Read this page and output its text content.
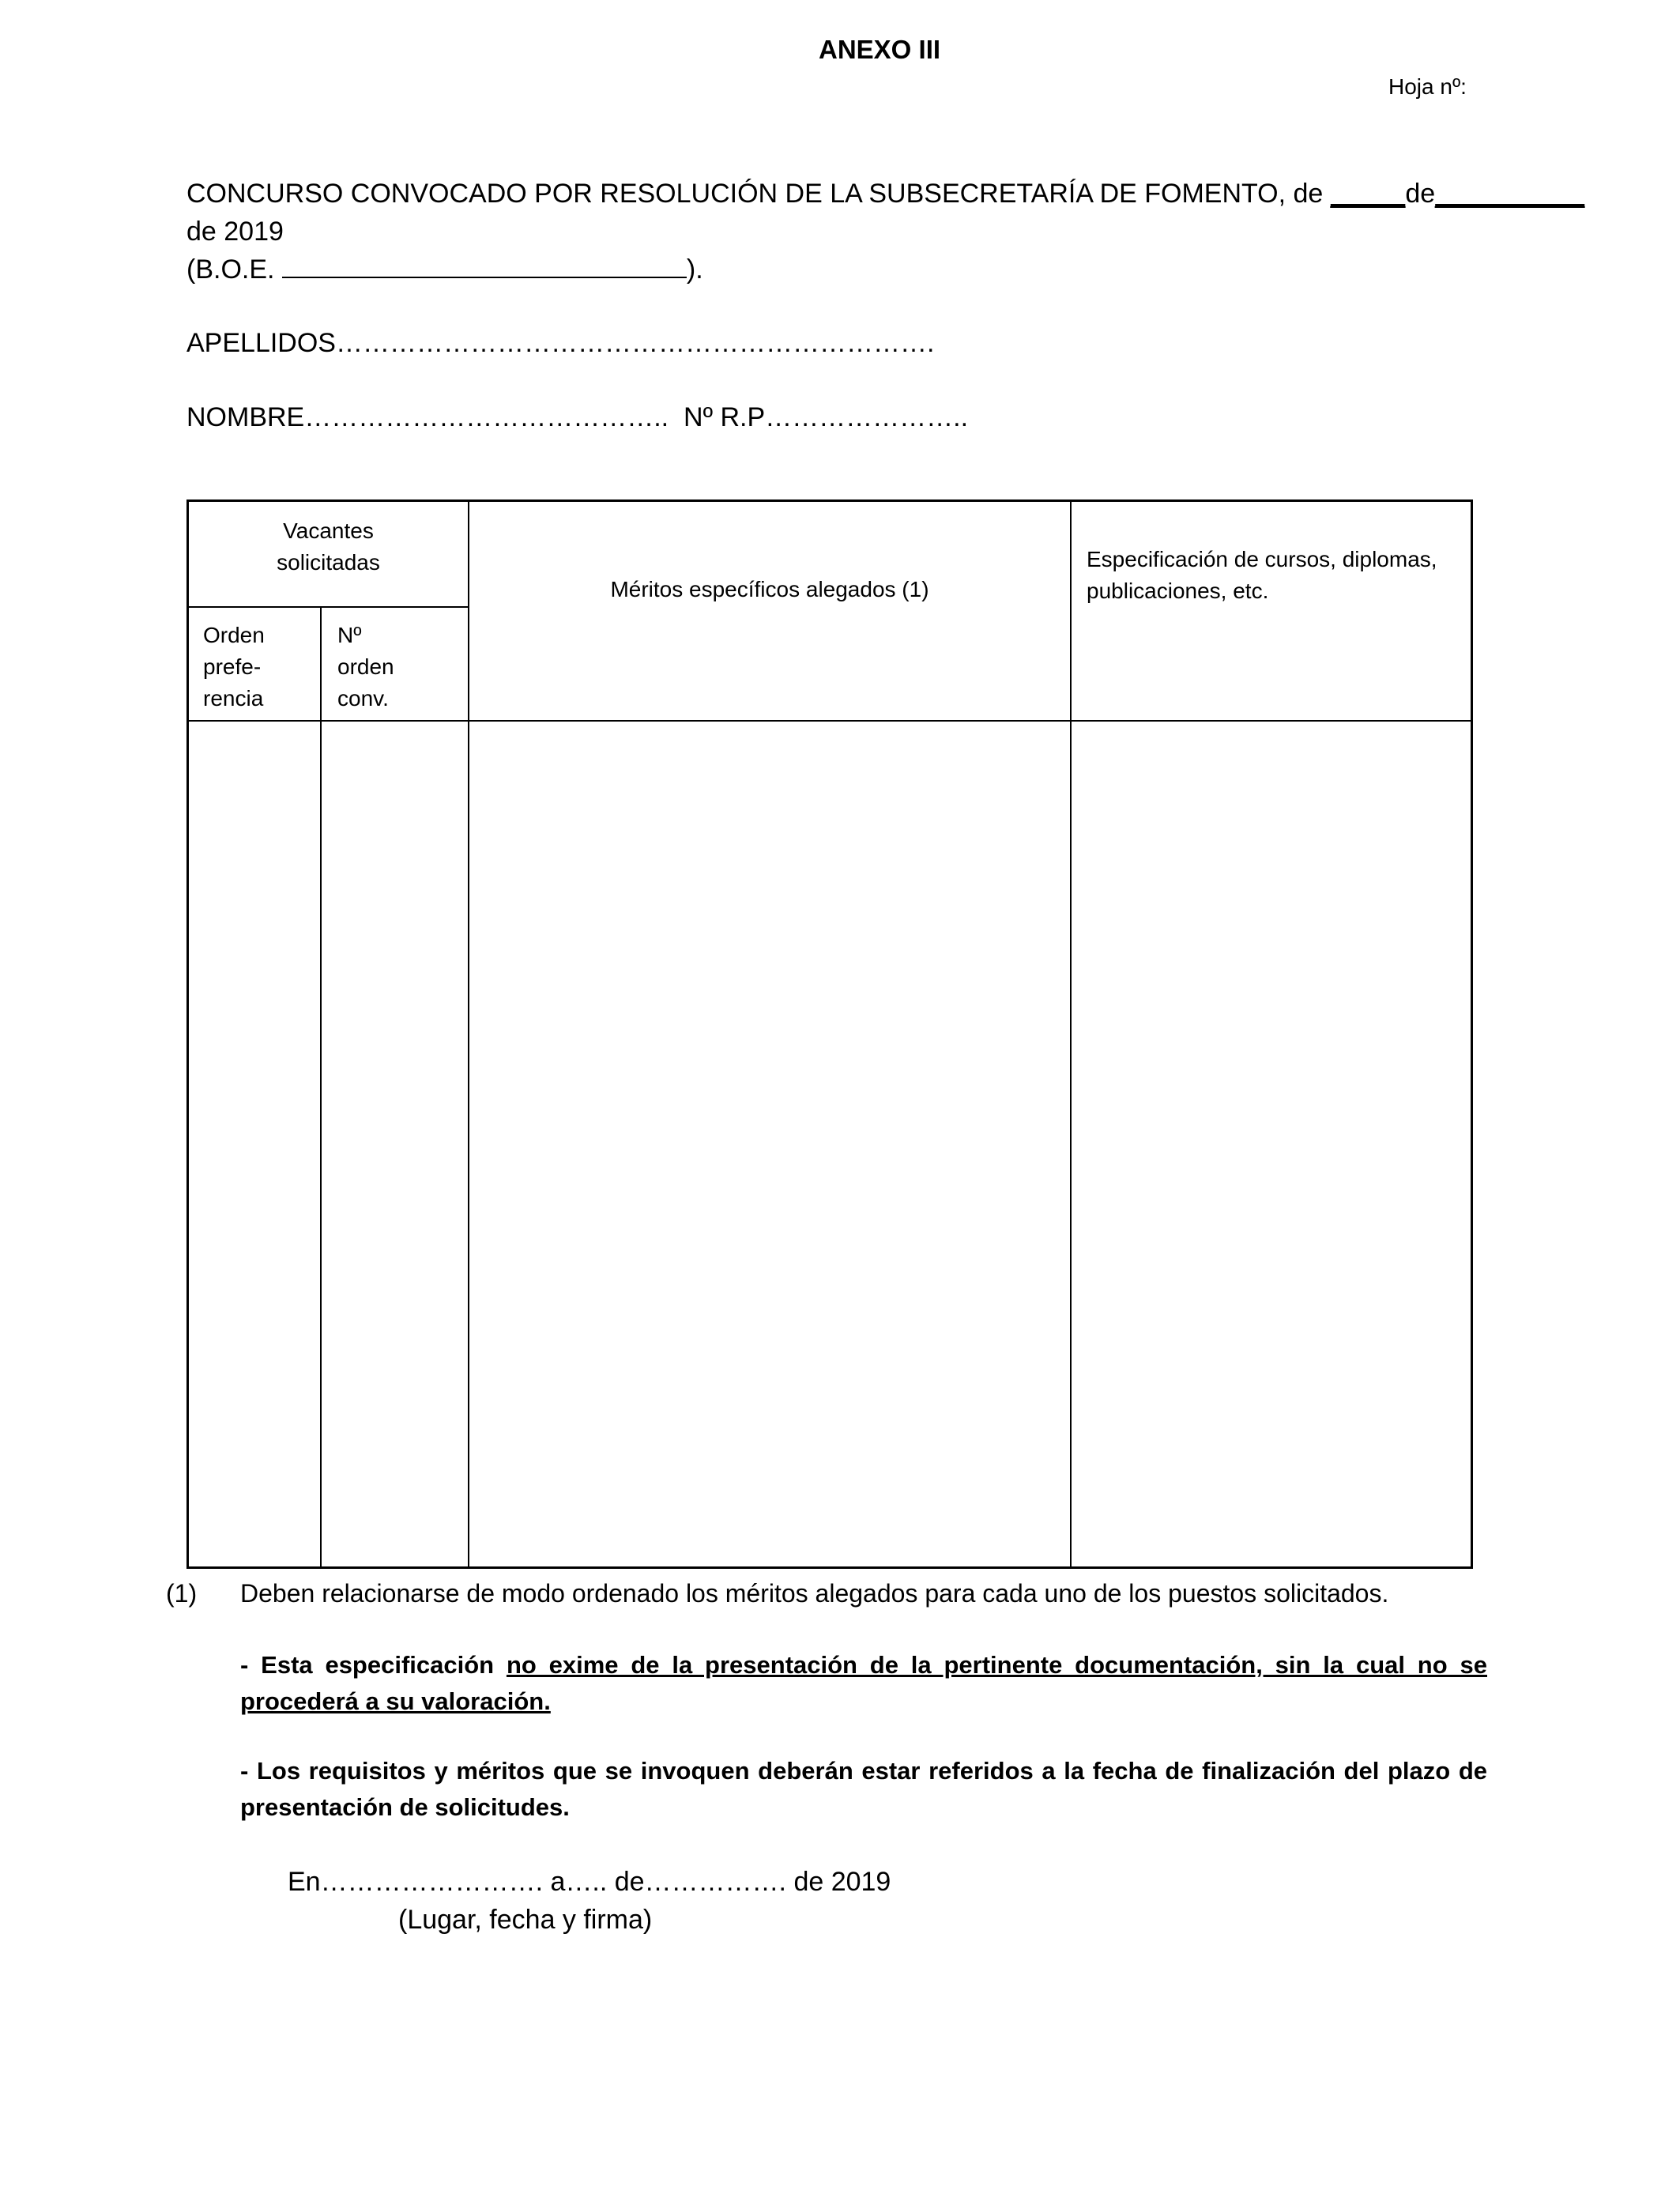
ANEXO III
Hoja nº:
CONCURSO CONVOCADO POR RESOLUCIÓN DE LA SUBSECRETARÍA DE FOMENTO, de _____de__________
de 2019
(B.O.E.	).
APELLIDOS………………………………………………………….
NOMBRE………………………………….. Nº R.P…………………..
Vacantes
solicitadas
Orden
prefe-
rencia
Nº
orden
conv.
Méritos específicos alegados (1)
Especificación de cursos, diplomas,
publicaciones, etc.
(1) Deben relacionarse de modo ordenado los méritos alegados para cada uno de los puestos solicitados.
- Esta especificación no exime de la presentación de la pertinente documentación, sin la cual no se procederá a su valoración.
- Los requisitos y méritos que se invoquen deberán estar referidos a la fecha de finalización del plazo de presentación de solicitudes.
En……………………. a….. de……………. de 2019
(Lugar, fecha y firma)
